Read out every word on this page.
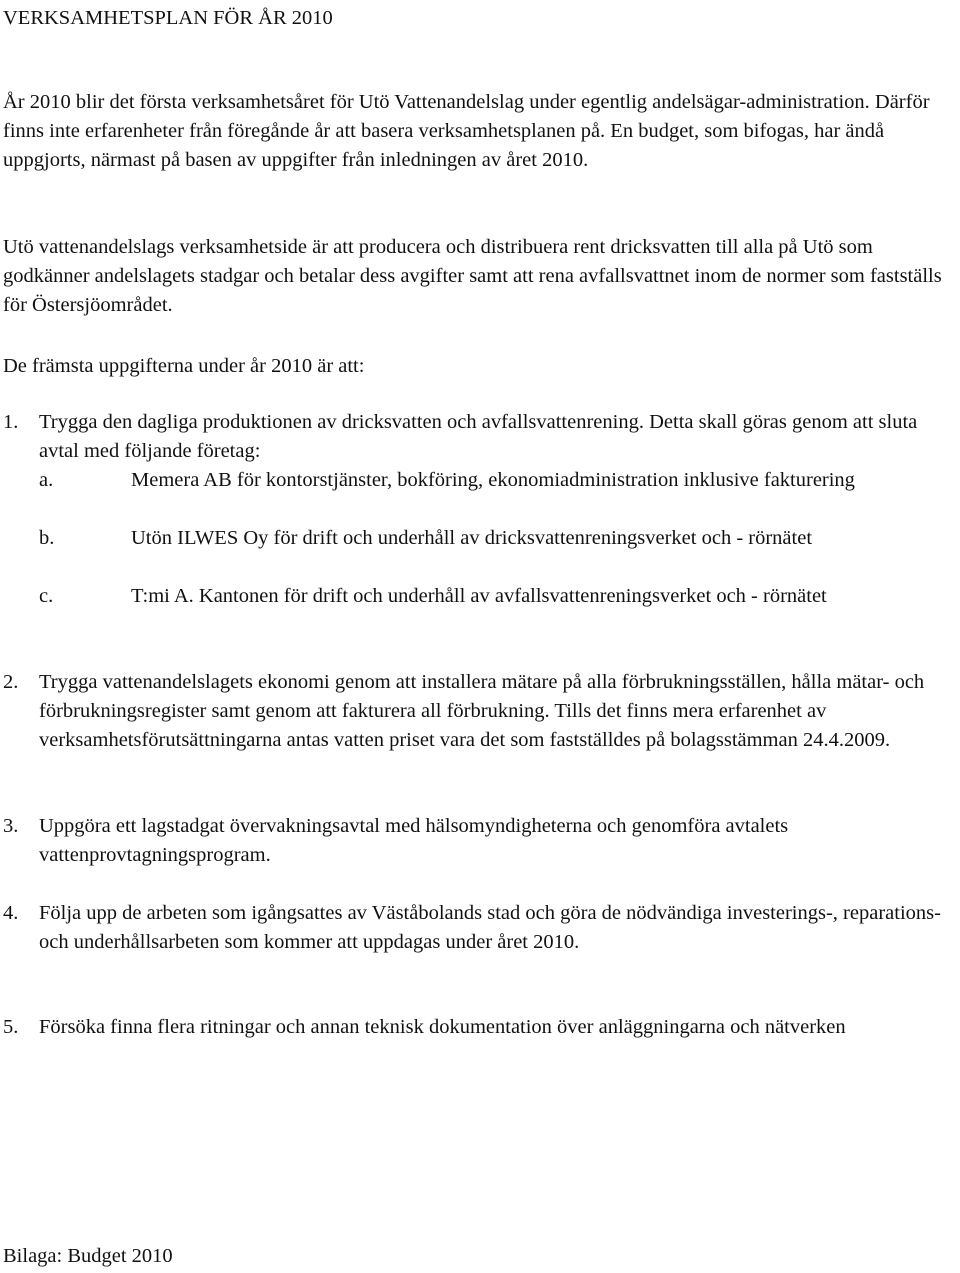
VERKSAMHETSPLAN FÖR ÅR 2010
År 2010 blir det första verksamhetsåret för Utö Vattenandelslag under egentlig andelsägar-administration. Därför finns inte erfarenheter från föregånde år att basera verksamhetsplanen på. En budget, som bifogas, har ändå uppgjorts, närmast på basen av uppgifter från inledningen av året 2010.
Utö vattenandelslags verksamhetside är att producera och distribuera rent dricksvatten till alla på Utö som godkänner andelslagets stadgar och betalar dess avgifter samt att rena avfallsvattnet inom de normer som fastställs för Östersjöområdet.
De främsta uppgifterna under år 2010 är att:
1. Trygga den dagliga produktionen av dricksvatten och avfallsvattenrening. Detta skall göras genom att sluta avtal med följande företag:
a.	Memera AB för kontorstjänster, bokföring, ekonomiadministration inklusive fakturering
b.	Utön ILWES Oy för drift och underhåll av dricksvattenreningsverket och - rörnätet
c.	T:mi A. Kantonen för drift och underhåll av avfallsvattenreningsverket och - rörnätet
2. Trygga vattenandelslagets ekonomi genom att installera mätare på alla förbrukningsställen, hålla mätar- och förbrukningsregister samt genom att fakturera all förbrukning. Tills det finns mera erfarenhet av verksamhetsförutsättningarna antas vatten priset vara det som fastställdes på bolagsstämman 24.4.2009.
3. Uppgöra ett lagstadgat övervakningsavtal med hälsomyndigheterna och genomföra avtalets vattenprovtagningsprogram.
4. Följa upp de arbeten som igångsattes av Väståbolands stad och göra de nödvändiga investerings-, reparations- och underhållsarbeten som kommer att uppdagas under året 2010.
5. Försöka finna flera ritningar och annan teknisk dokumentation över anläggningarna och nätverken
Bilaga: Budget 2010
